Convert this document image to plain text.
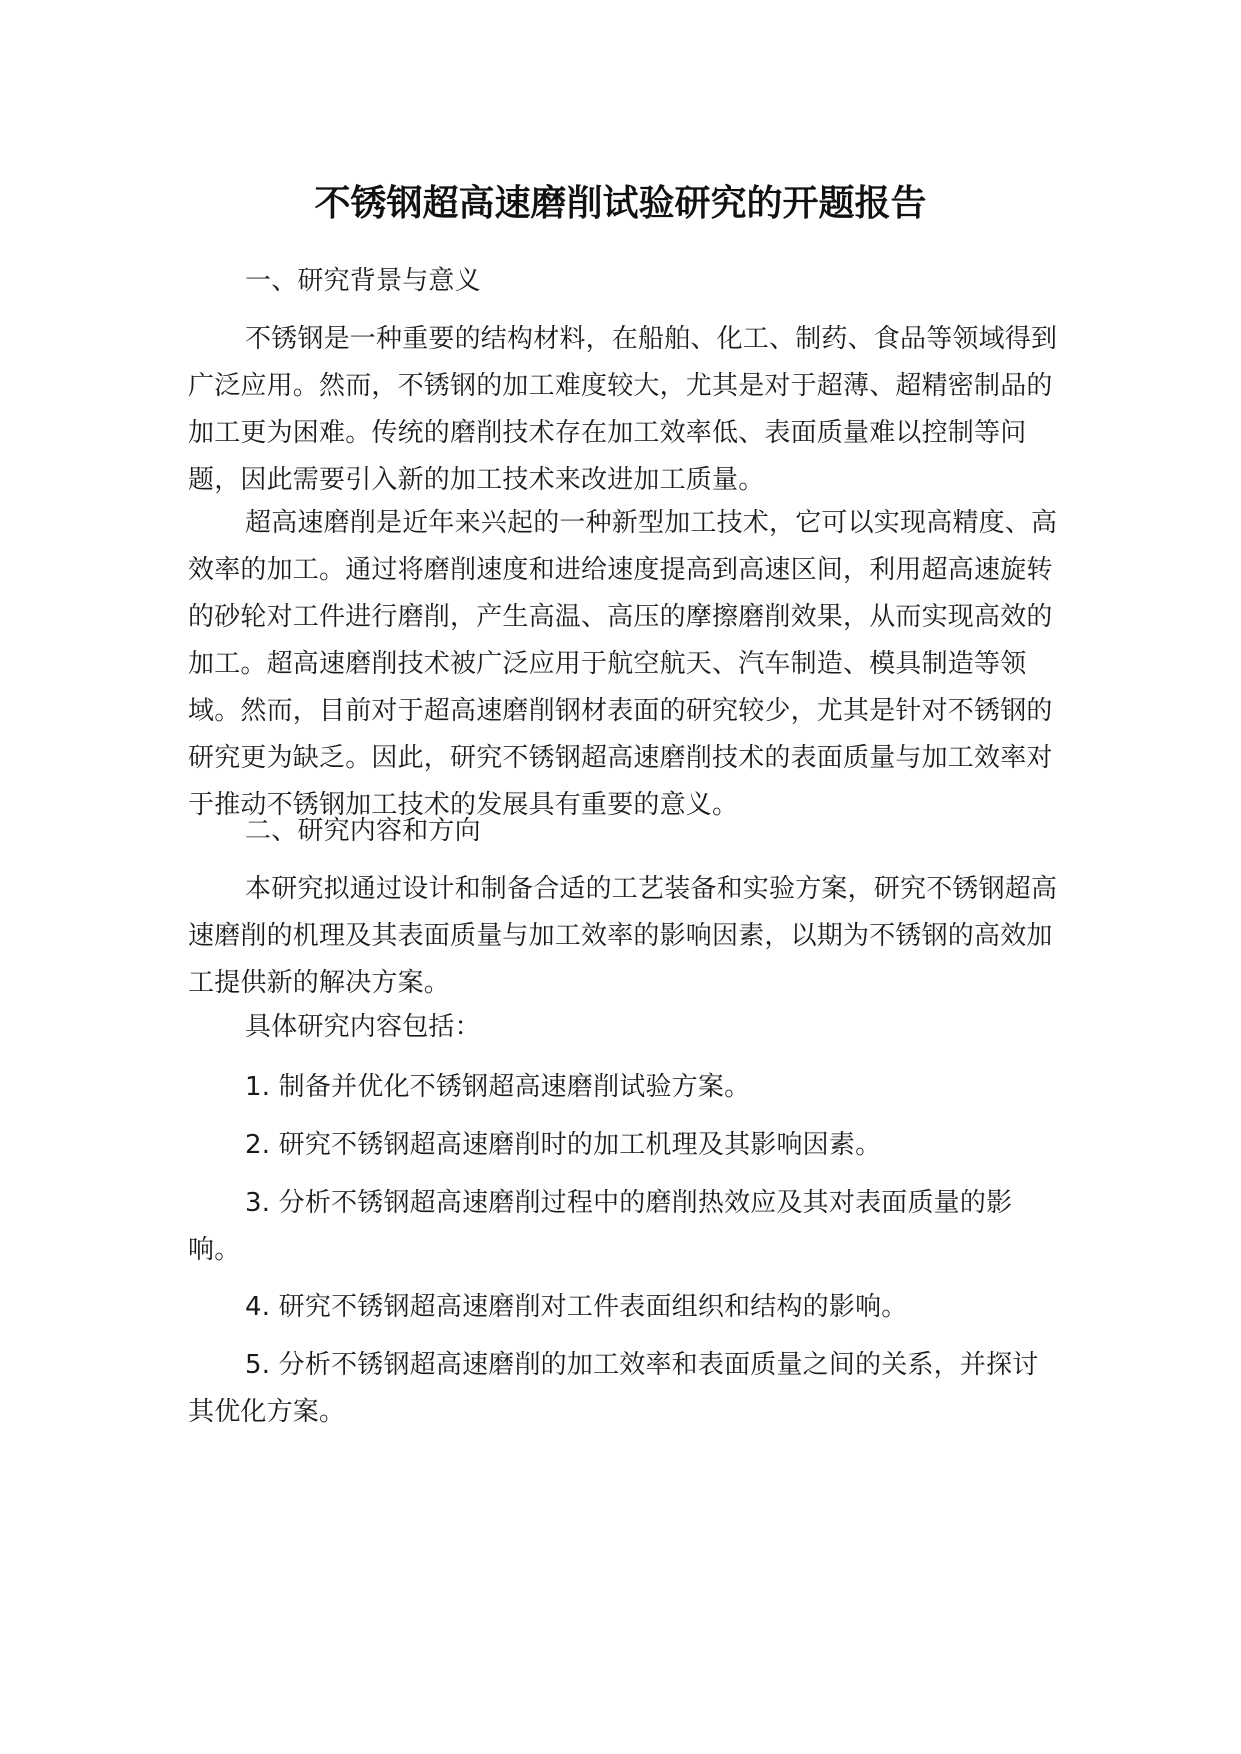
不锈钢超高速磨削试验研究的开题报告

一、研究背景与意义

不锈钢是一种重要的结构材料，在船舶、化工、制药、食品等领域得到广泛应用。然而，不锈钢的加工难度较大，尤其是对于超薄、超精密制品的加工更为困难。传统的磨削技术存在加工效率低、表面质量难以控制等问题，因此需要引入新的加工技术来改进加工质量。

超高速磨削是近年来兴起的一种新型加工技术，它可以实现高精度、高效率的加工。通过将磨削速度和进给速度提高到高速区间，利用超高速旋转的砂轮对工件进行磨削，产生高温、高压的摩擦磨削效果，从而实现高效的加工。超高速磨削技术被广泛应用于航空航天、汽车制造、模具制造等领域。然而，目前对于超高速磨削钢材表面的研究较少，尤其是针对不锈钢的研究更为缺乏。因此，研究不锈钢超高速磨削技术的表面质量与加工效率对于推动不锈钢加工技术的发展具有重要的意义。

二、研究内容和方向

本研究拟通过设计和制备合适的工艺装备和实验方案，研究不锈钢超高速磨削的机理及其表面质量与加工效率的影响因素，以期为不锈钢的高效加工提供新的解决方案。

具体研究内容包括：

1. 制备并优化不锈钢超高速磨削试验方案。

2. 研究不锈钢超高速磨削时的加工机理及其影响因素。

3. 分析不锈钢超高速磨削过程中的磨削热效应及其对表面质量的影响。

4. 研究不锈钢超高速磨削对工件表面组织和结构的影响。

5. 分析不锈钢超高速磨削的加工效率和表面质量之间的关系，并探讨其优化方案。
